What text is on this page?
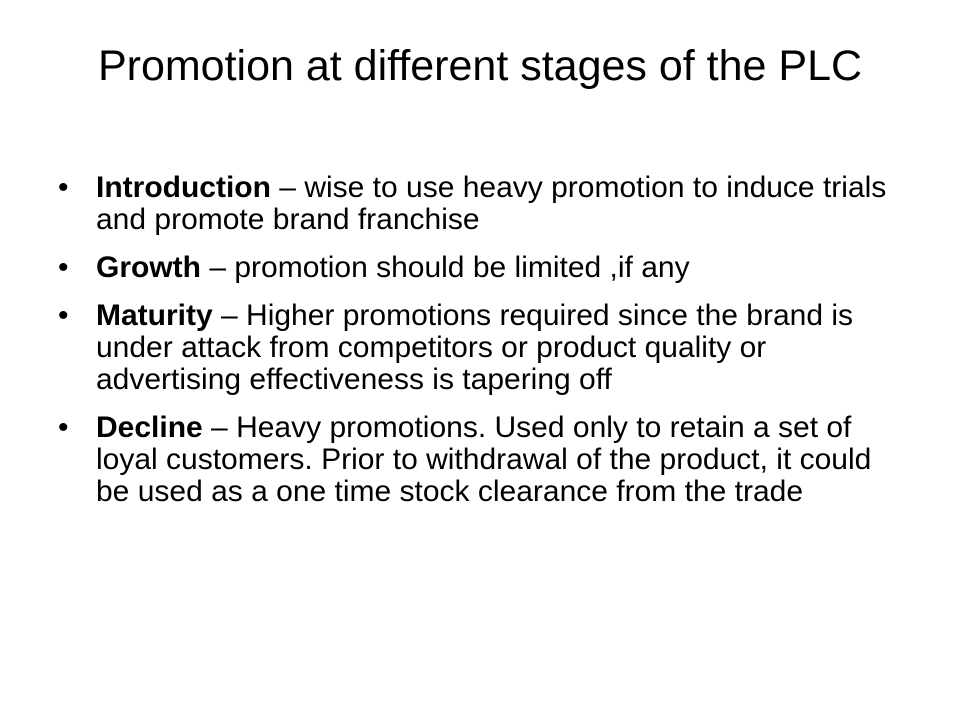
Promotion at different stages of the PLC
• Introduction – wise to use heavy promotion to induce trials and promote brand franchise
• Growth – promotion should be limited ,if any
• Maturity – Higher promotions required since the brand is under attack from competitors or product quality or advertising effectiveness is tapering off
• Decline – Heavy promotions. Used only to retain a set of loyal customers. Prior to withdrawal of the product, it could be used as a one time stock clearance from the trade
